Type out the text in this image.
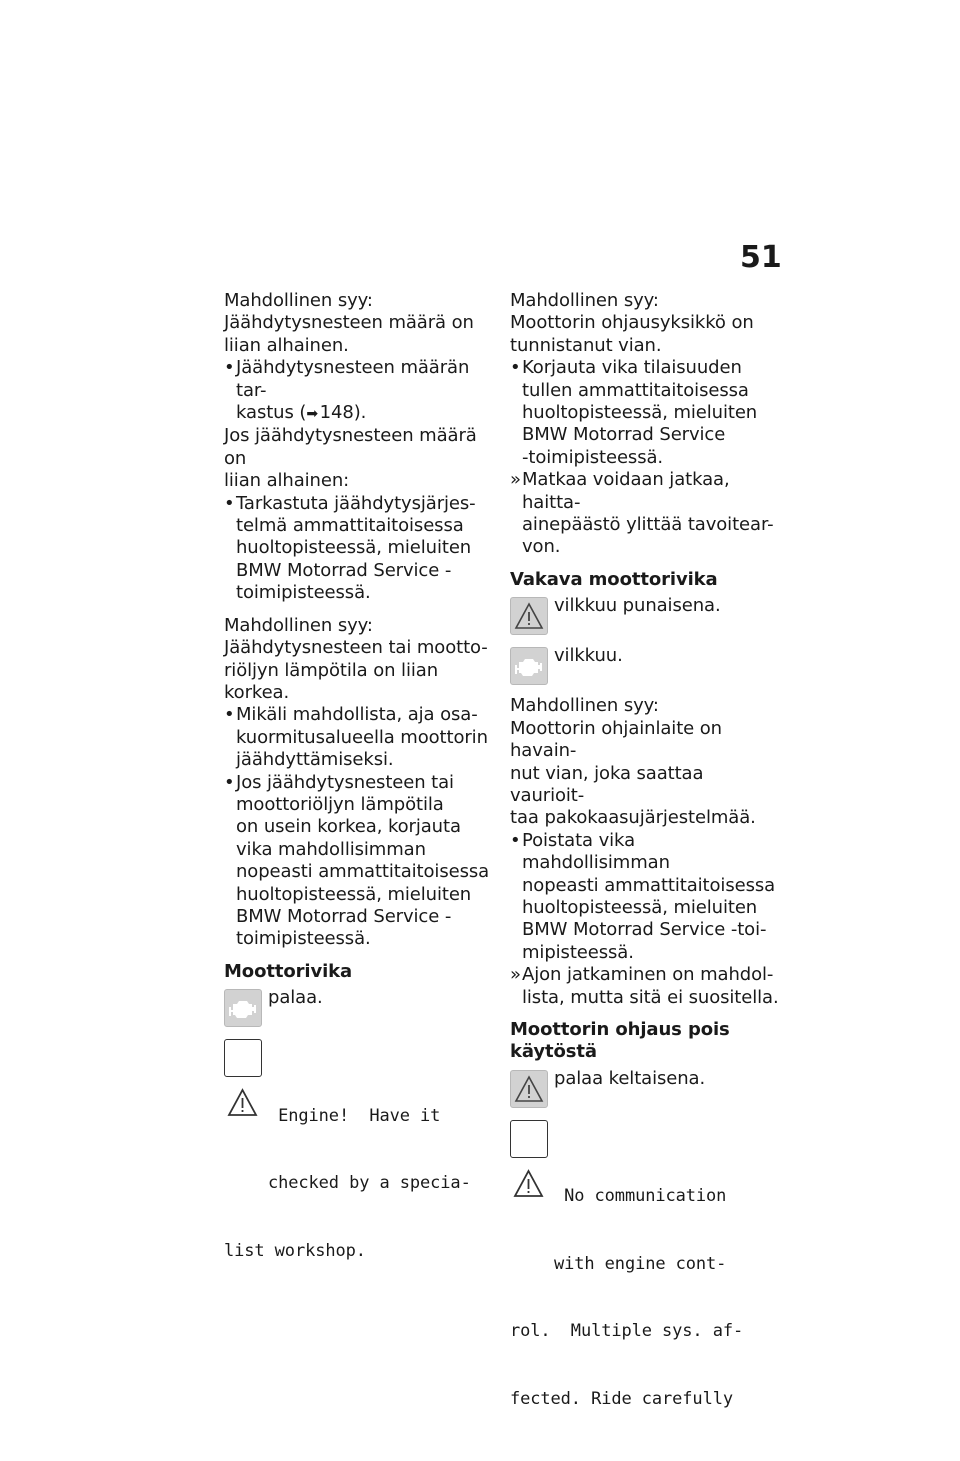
51

Mahdollinen syy:

Jäähdytysnesteen määrä on

liian alhainen.

•
Jäähdytysnesteen määrän tar-
kastus (➡ 148).

Jos jäähdytysnesteen määrä on

liian alhainen:

•
Tarkastuta jäähdytysjärjes-
telmä ammattitaitoisessa
huoltopisteessä, mieluiten
BMW Motorrad Service -
toimipisteessä.

Mahdollinen syy:

Jäähdytysnesteen tai mootto-

riöljyn lämpötila on liian korkea.

•
Mikäli mahdollista, aja osa-
kuormitusalueella moottorin
jäähdyttämiseksi.
•
Jos jäähdytysnesteen tai
moottoriöljyn lämpötila
on usein korkea, korjauta
vika mahdollisimman
nopeasti ammattitaitoisessa
huoltopisteessä, mieluiten
BMW Motorrad Service -
toimipisteessä.

Moottorivika

palaa.

Engine!  Have it

checked by a specia-

list workshop.

Mahdollinen syy:

Moottorin ohjausyksikkö on

tunnistanut vian.

•
Korjauta vika tilaisuuden
tullen ammattitaitoisessa
huoltopisteessä, mieluiten
BMW Motorrad Service
-toimipisteessä.
»
Matkaa voidaan jatkaa, haitta-
ainepäästö ylittää tavoitear-
von.

Vakava moottorivika

vilkkuu punaisena.
vilkkuu.

Mahdollinen syy:

Moottorin ohjainlaite on havain-

nut vian, joka saattaa vaurioit-

taa pakokaasujärjestelmää.

•
Poistata vika mahdollisimman
nopeasti ammattitaitoisessa
huoltopisteessä, mieluiten
BMW Motorrad Service -toi-
mipisteessä.
»
Ajon jatkaminen on mahdol-
lista, mutta sitä ei suositella.

Moottorin ohjaus pois

käytöstä

palaa keltaisena.

No communication

with engine cont-

rol.  Multiple sys. af-

fected. Ride carefully
